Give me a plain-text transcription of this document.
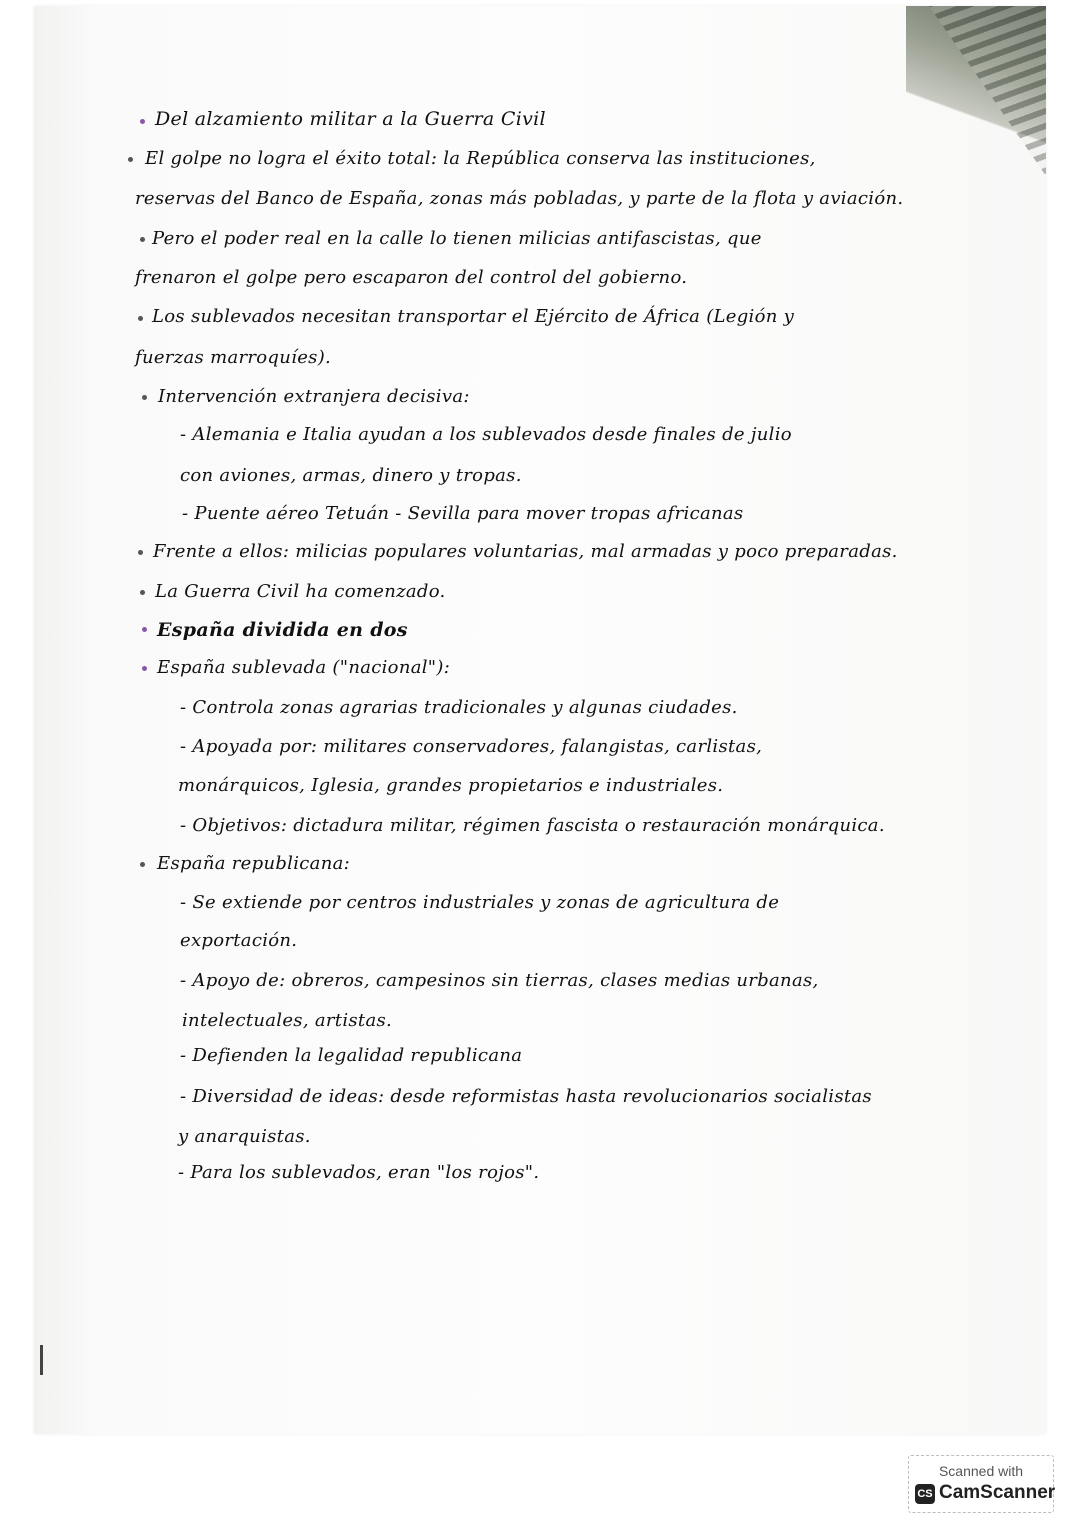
Del alzamiento militar a la Guerra Civil
El golpe no logra el éxito total: la República conserva las instituciones,
reservas del Banco de España, zonas más pobladas, y parte de la flota y aviación.
Pero el poder real en la calle lo tienen milicias antifascistas, que
frenaron el golpe pero escaparon del control del gobierno.
Los sublevados necesitan transportar el Ejército de África (Legión y
fuerzas marroquíes).
Intervención extranjera decisiva:
- Alemania e Italia ayudan a los sublevados desde finales de julio
con aviones, armas, dinero y tropas.
- Puente aéreo Tetuán - Sevilla para mover tropas africanas
Frente a ellos: milicias populares voluntarias, mal armadas y poco preparadas.
La Guerra Civil ha comenzado.
España dividida en dos
España sublevada ("nacional"):
- Controla zonas agrarias tradicionales y algunas ciudades.
- Apoyada por: militares conservadores, falangistas, carlistas,
monárquicos, Iglesia, grandes propietarios e industriales.
- Objetivos: dictadura militar, régimen fascista o restauración monárquica.
España republicana:
- Se extiende por centros industriales y zonas de agricultura de
exportación.
- Apoyo de: obreros, campesinos sin tierras, clases medias urbanas,
intelectuales, artistas.
- Defienden la legalidad republicana
- Diversidad de ideas: desde reformistas hasta revolucionarios socialistas
y anarquistas.
- Para los sublevados, eran "los rojos".
Scanned with
CS CamScanner
